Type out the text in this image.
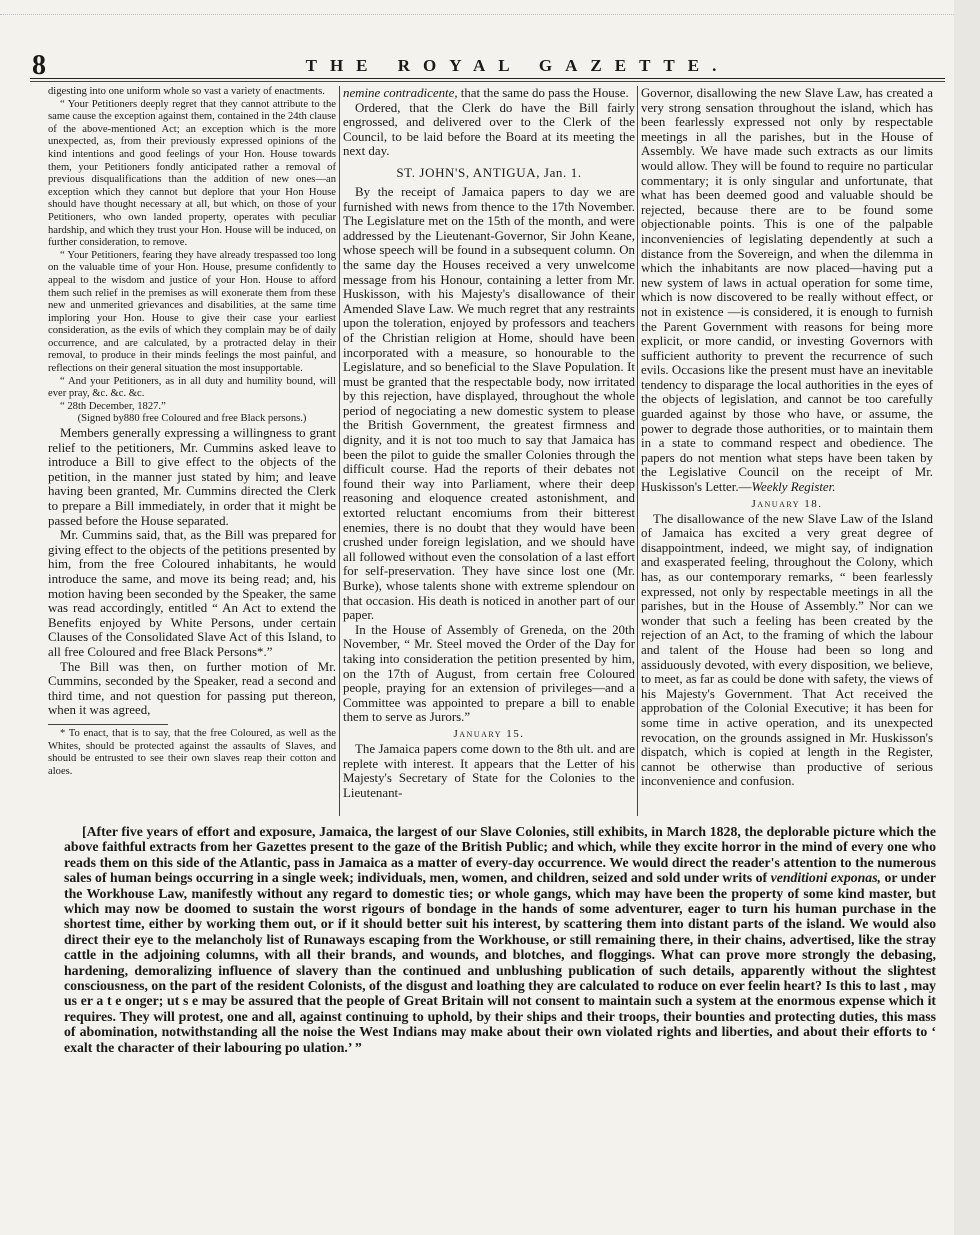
8	THE ROYAL GAZETTE.

digesting into one uniform whole so vast a variety of enactments.

“ Your Petitioners deeply regret that they cannot attribute to the same cause the exception against them, contained in the 24th clause of the above-mentioned Act; an exception which is the more unexpected, as, from their previously expressed opinions of the kind intentions and good feelings of your Hon. House towards them, your Petitioners fondly anticipated rather a removal of previous disqualifications than the addition of new ones—an exception which they cannot but deplore that your Hon House should have thought necessary at all, but which, on those of your Petitioners, who own landed property, operates with peculiar hardship, and which they trust your Hon. House will be induced, on further consideration, to remove.

“ Your Petitioners, fearing they have already trespassed too long on the valuable time of your Hon. House, presume confidently to appeal to the wisdom and justice of your Hon. House to afford them such relief in the premises as will exonerate them from these new and unmerited grievances and disabilities, at the same time imploring your Hon. House to give their case your earliest consideration, as the evils of which they complain may be of daily occurrence, and are calculated, by a protracted delay in their removal, to produce in their minds feelings the most painful, and reflections on their general situation the most insupportable.

“ And your Petitioners, as in all duty and humility bound, will ever pray, &c. &c. &c.

“ 28th December, 1827.”

(Signed by880 free Coloured and free Black persons.)

Members generally expressing a willingness to grant relief to the petitioners, Mr. Cummins asked leave to introduce a Bill to give effect to the objects of the petition, in the manner just stated by him; and leave having been granted, Mr. Cummins directed the Clerk to prepare a Bill immediately, in order that it might be passed before the House separated.

Mr. Cummins said, that, as the Bill was prepared for giving effect to the objects of the petitions presented by him, from the free Coloured inhabitants, he would introduce the same, and move its being read; and, his motion having been seconded by the Speaker, the same was read accordingly, entitled “ An Act to extend the Benefits enjoyed by White Persons, under certain Clauses of the Consolidated Slave Act of this Island, to all free Coloured and free Black Persons*.”

The Bill was then, on further motion of Mr. Cummins, seconded by the Speaker, read a second and third time, and not question for passing put thereon, when it was agreed,

* To enact, that is to say, that the free Coloured, as well as the Whites, should be protected against the assaults of Slaves, and should be entrusted to see their own slaves reap their cotton and aloes.

nemine contradicente, that the same do pass the House.

Ordered, that the Clerk do have the Bill fairly engrossed, and delivered over to the Clerk of the Council, to be laid before the Board at its meeting the next day.

ST. JOHN'S, ANTIGUA, Jan. 1.

By the receipt of Jamaica papers to day we are furnished with news from thence to the 17th November. The Legislature met on the 15th of the month, and were addressed by the Lieutenant-Governor, Sir John Keane, whose speech will be found in a subsequent column. On the same day the Houses received a very unwelcome message from his Honour, containing a letter from Mr. Huskisson, with his Majesty's disallowance of their Amended Slave Law. We much regret that any restraints upon the toleration, enjoyed by professors and teachers of the Christian religion at Home, should have been incorporated with a measure, so honourable to the Legislature, and so beneficial to the Slave Population. It must be granted that the respectable body, now irritated by this rejection, have displayed, throughout the whole period of negociating a new domestic system to please the British Government, the greatest firmness and dignity, and it is not too much to say that Jamaica has been the pilot to guide the smaller Colonies through the difficult course. Had the reports of their debates not found their way into Parliament, where their deep reasoning and eloquence created astonishment, and extorted reluctant encomiums from their bitterest enemies, there is no doubt that they would have been crushed under foreign legislation, and we should have all followed without even the consolation of a last effort for self-preservation. They have since lost one (Mr. Burke), whose talents shone with extreme splendour on that occasion. His death is noticed in another part of our paper.

In the House of Assembly of Greneda, on the 20th November, “ Mr. Steel moved the Order of the Day for taking into consideration the petition presented by him, on the 17th of August, from certain free Coloured people, praying for an extension of privileges—and a Committee was appointed to prepare a bill to enable them to serve as Jurors.”

January 15.

The Jamaica papers come down to the 8th ult. and are replete with interest. It appears that the Letter of his Majesty's Secretary of State for the Colonies to the Lieutenant-

Governor, disallowing the new Slave Law, has created a very strong sensation throughout the island, which has been fearlessly expressed not only by respectable meetings in all the parishes, but in the House of Assembly. We have made such extracts as our limits would allow. They will be found to require no particular commentary; it is only singular and unfortunate, that what has been deemed good and valuable should be rejected, because there are to be found some objectionable points. This is one of the palpable inconveniencies of legislating dependently at such a distance from the Sovereign, and when the dilemma in which the inhabitants are now placed—having put a new system of laws in actual operation for some time, which is now discovered to be really without effect, or not in existence —is considered, it is enough to furnish the Parent Government with reasons for being more explicit, or more candid, or investing Governors with sufficient authority to prevent the recurrence of such evils. Occasions like the present must have an inevitable tendency to disparage the local authorities in the eyes of the objects of legislation, and cannot be too carefully guarded against by those who have, or assume, the power to degrade those authorities, or to maintain them in a state to command respect and obedience. The papers do not mention what steps have been taken by the Legislative Council on the receipt of Mr. Huskisson's Letter.—Weekly Register.

January 18.

The disallowance of the new Slave Law of the Island of Jamaica has excited a very great degree of disappointment, indeed, we might say, of indignation and exasperated feeling, throughout the Colony, which has, as our contemporary remarks, “ been fearlessly expressed, not only by respectable meetings in all the parishes, but in the House of Assembly.” Nor can we wonder that such a feeling has been created by the rejection of an Act, to the framing of which the labour and talent of the House had been so long and assiduously devoted, with every disposition, we believe, to meet, as far as could be done with safety, the views of his Majesty's Government. That Act received the approbation of the Colonial Executive; it has been for some time in active operation, and its unexpected revocation, on the grounds assigned in Mr. Huskisson's dispatch, which is copied at length in the Register, cannot be otherwise than productive of serious inconvenience and confusion.

[After five years of effort and exposure, Jamaica, the largest of our Slave Colonies, still exhibits, in March 1828, the deplorable picture which the above faithful extracts from her Gazettes present to the gaze of the British Public; and which, while they excite horror in the mind of every one who reads them on this side of the Atlantic, pass in Jamaica as a matter of every-day occurrence. We would direct the reader's attention to the numerous sales of human beings occurring in a single week; individuals, men, women, and children, seized and sold under writs of venditioni exponas, or under the Workhouse Law, manifestly without any regard to domestic ties; or whole gangs, which may have been the property of some kind master, but which may now be doomed to sustain the worst rigours of bondage in the hands of some adventurer, eager to turn his human purchase in the shortest time, either by working them out, or if it should better suit his interest, by scattering them into distant parts of the island. We would also direct their eye to the melancholy list of Runaways escaping from the Workhouse, or still remaining there, in their chains, advertised, like the stray cattle in the adjoining columns, with all their brands, and wounds, and blotches, and floggings. What can prove more strongly the debasing, hardening, demoralizing influence of slavery than the continued and unblushing publication of such details, apparently without the slightest consciousness, on the part of the resident Colonists, of the disgust and loathing they are calculated to roduce on ever feelin heart? Is this to last , may us er a t e onger; ut s e may be assured that the people of Great Britain will not consent to maintain such a system at the enormous expense which it requires. They will protest, one and all, against continuing to uphold, by their ships and their troops, their bounties and protecting duties, this mass of abomination, notwithstanding all the noise the West Indians may make about their own violated rights and liberties, and about their efforts to ‘ exalt the character of their labouring po ulation.’ ”
